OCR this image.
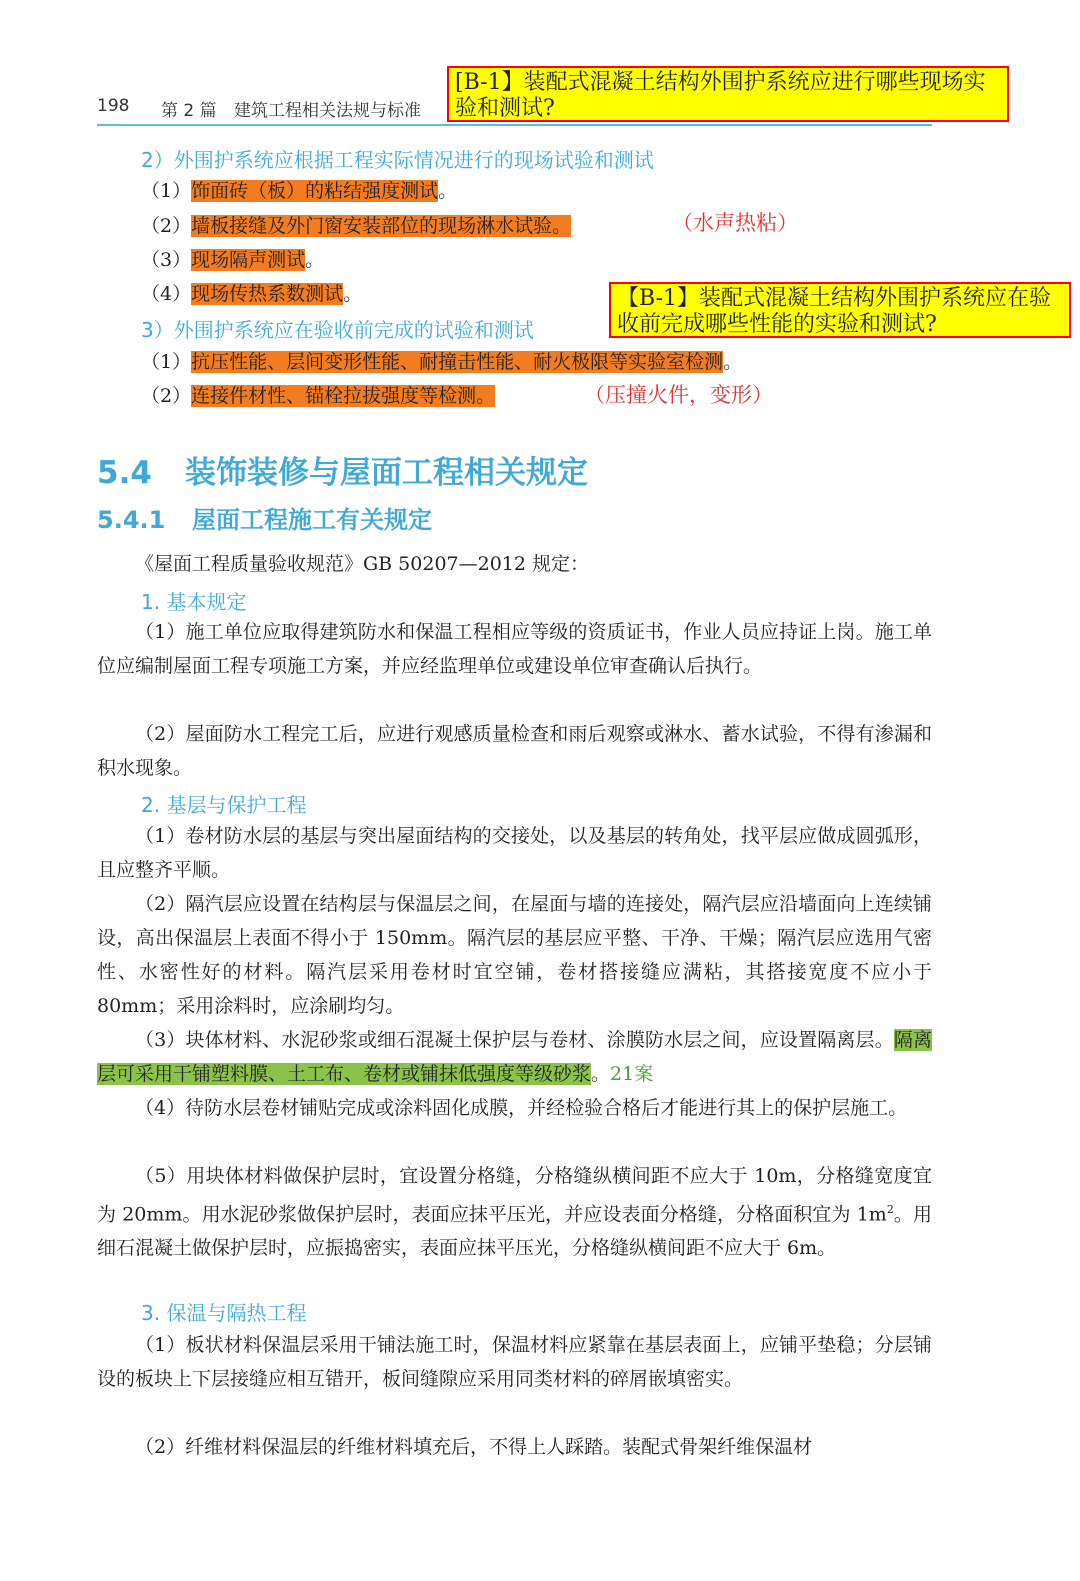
198 第 2 篇 建筑工程相关法规与标准
[B-1】装配式混凝土结构外围护系统应进行哪些现场实验和测试?
【B-1】装配式混凝土结构外围护系统应在验收前完成哪些性能的实验和测试?
2）外围护系统应根据工程实际情况进行的现场试验和测试
（1）饰面砖（板）的粘结强度测试。
（2）墙板接缝及外门窗安装部位的现场淋水试验。	（水声热粘）
（3）现场隔声测试。
（4）现场传热系数测试。
3）外围护系统应在验收前完成的试验和测试
（1）抗压性能、层间变形性能、耐撞击性能、耐火极限等实验室检测。
（2）连接件材性、锚栓拉拔强度等检测。	（压撞火件，变形）
5.4 装饰装修与屋面工程相关规定
5.4.1 屋面工程施工有关规定
《屋面工程质量验收规范》GB 50207—2012 规定：
1. 基本规定
（1）施工单位应取得建筑防水和保温工程相应等级的资质证书，作业人员应持证上岗。施工单位应编制屋面工程专项施工方案，并应经监理单位或建设单位审查确认后执行。
（2）屋面防水工程完工后，应进行观感质量检查和雨后观察或淋水、蓄水试验，不得有渗漏和积水现象。
2. 基层与保护工程
（1）卷材防水层的基层与突出屋面结构的交接处，以及基层的转角处，找平层应做成圆弧形，且应整齐平顺。
（2）隔汽层应设置在结构层与保温层之间，在屋面与墙的连接处，隔汽层应沿墙面向上连续铺设，高出保温层上表面不得小于 150mm。隔汽层的基层应平整、干净、干燥；隔汽层应选用气密性、水密性好的材料。隔汽层采用卷材时宜空铺，卷材搭接缝应满粘，其搭接宽度不应小于 80mm；采用涂料时，应涂刷均匀。
（3）块体材料、水泥砂浆或细石混凝土保护层与卷材、涂膜防水层之间，应设置隔离层。隔离层可采用干铺塑料膜、土工布、卷材或铺抹低强度等级砂浆。21案
（4）待防水层卷材铺贴完成或涂料固化成膜，并经检验合格后才能进行其上的保护层施工。
（5）用块体材料做保护层时，宜设置分格缝，分格缝纵横间距不应大于 10m，分格缝宽度宜为 20mm。用水泥砂浆做保护层时，表面应抹平压光，并应设表面分格缝，分格面积宜为 $1m^2$。用细石混凝土做保护层时，应振捣密实，表面应抹平压光，分格缝纵横间距不应大于 6m。
3. 保温与隔热工程
（1）板状材料保温层采用干铺法施工时，保温材料应紧靠在基层表面上，应铺平垫稳；分层铺设的板块上下层接缝应相互错开，板间缝隙应采用同类材料的碎屑嵌填密实。
（2）纤维材料保温层的纤维材料填充后，不得上人踩踏。装配式骨架纤维保温材
